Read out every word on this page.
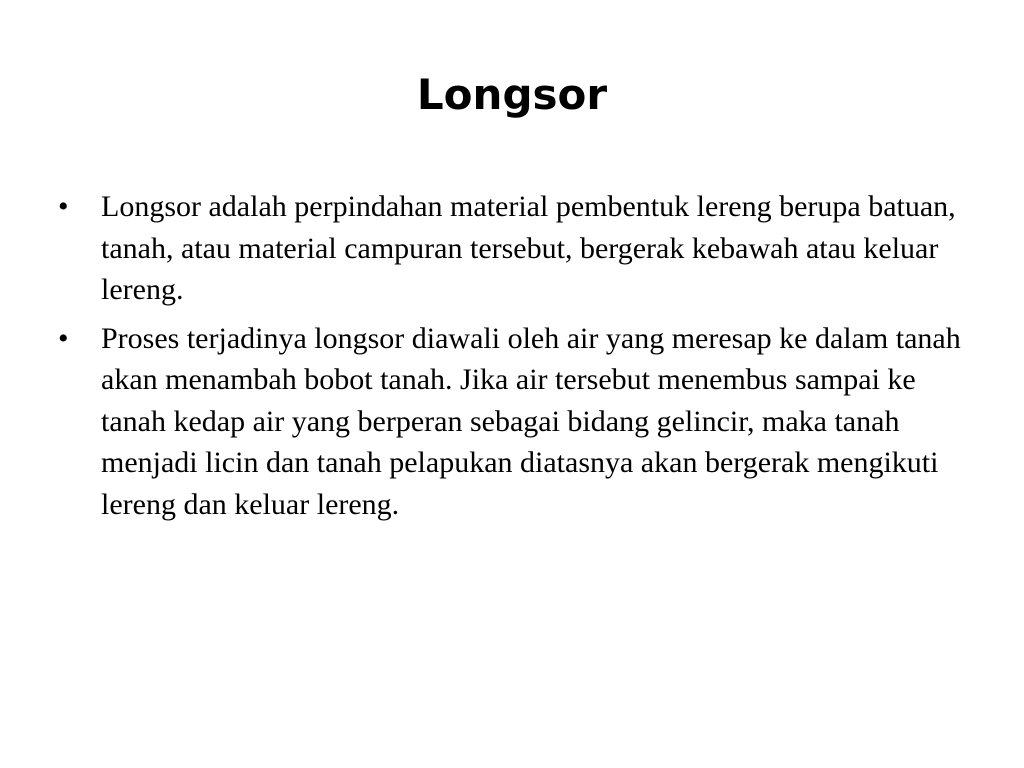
Longsor
• Longsor adalah perpindahan material pembentuk lereng berupa batuan, tanah, atau material campuran tersebut, bergerak kebawah atau keluar lereng.
• Proses terjadinya longsor diawali oleh air yang meresap ke dalam tanah akan menambah bobot tanah. Jika air tersebut menembus sampai ke tanah kedap air yang berperan sebagai bidang gelincir, maka tanah menjadi licin dan tanah pelapukan diatasnya akan bergerak mengikuti lereng dan keluar lereng.
